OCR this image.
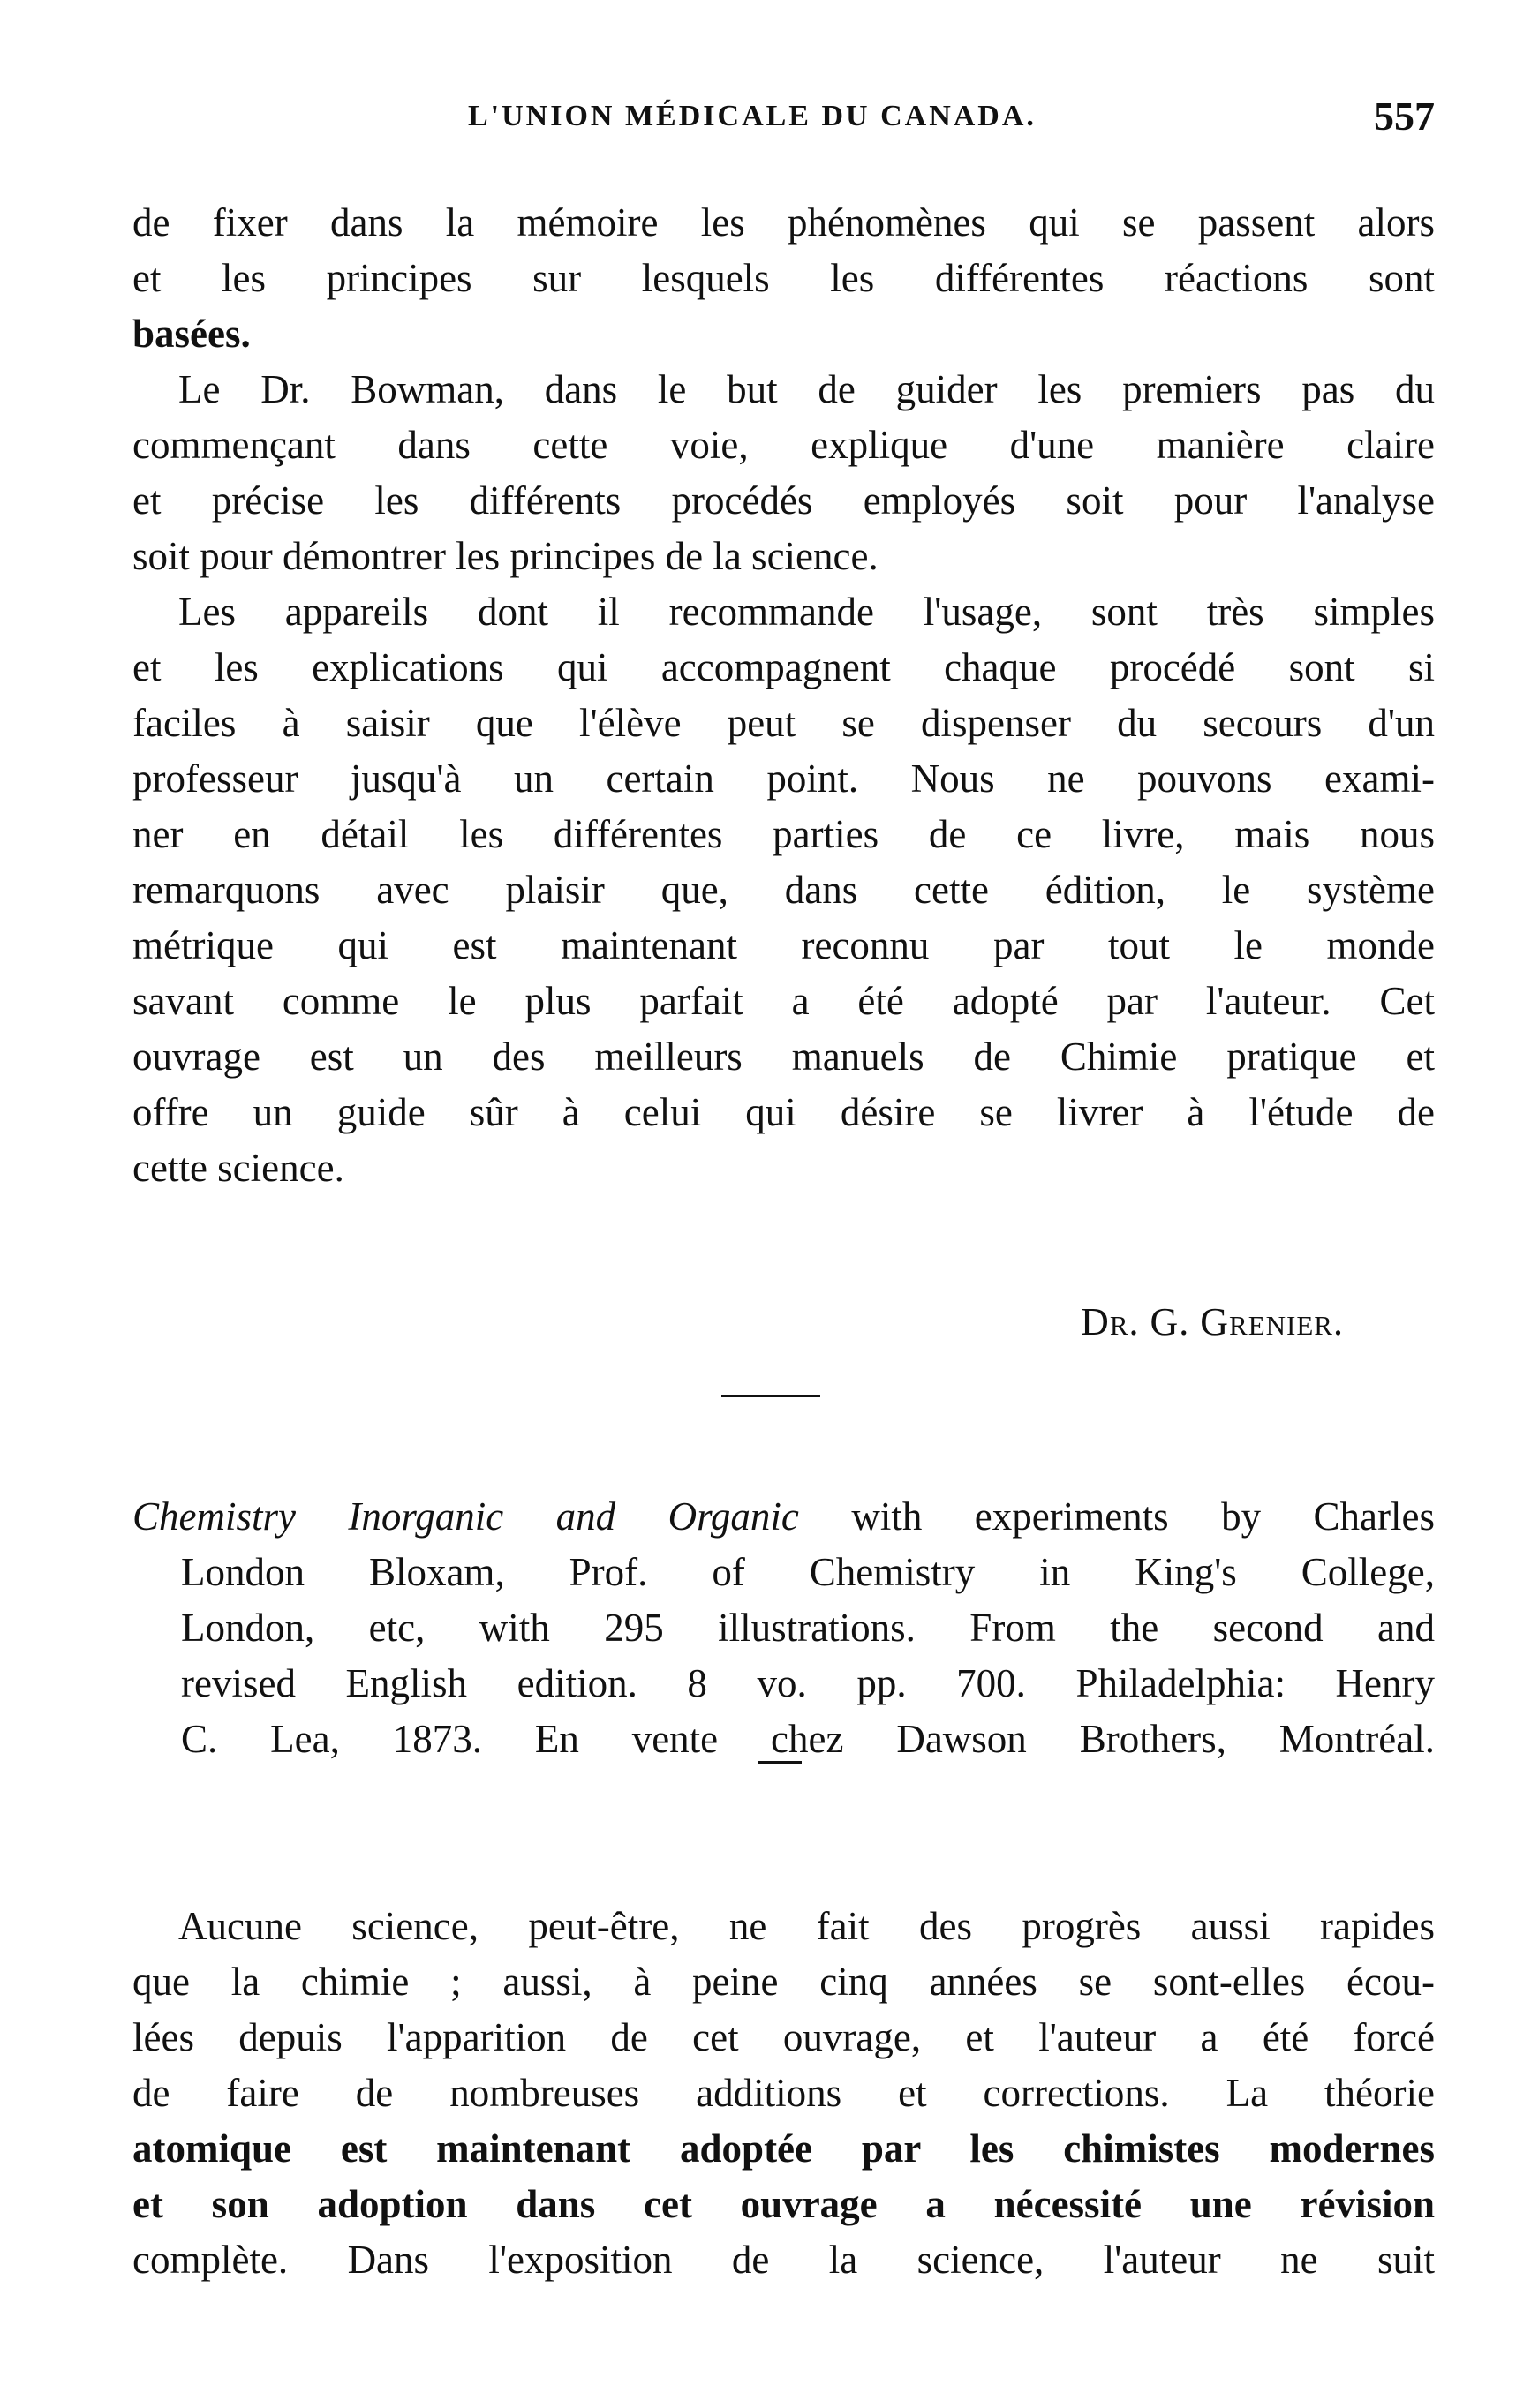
L'UNION MÉDICALE DU CANADA.	557
de fixer dans la mémoire les phénomènes qui se passent alors
et les principes sur lesquels les différentes réactions sont
basées.
Le Dr. Bowman, dans le but de guider les premiers pas du
commençant dans cette voie, explique d'une manière claire
et précise les différents procédés employés soit pour l'analyse
soit pour démontrer les principes de la science.
Les appareils dont il recommande l'usage, sont très simples
et les explications qui accompagnent chaque procédé sont si
faciles à saisir que l'élève peut se dispenser du secours d'un
professeur jusqu'à un certain point. Nous ne pouvons exami-
ner en détail les différentes parties de ce livre, mais nous
remarquons avec plaisir que, dans cette édition, le système
métrique qui est maintenant reconnu par tout le monde
savant comme le plus parfait a été adopté par l'auteur. Cet
ouvrage est un des meilleurs manuels de Chimie pratique et
offre un guide sûr à celui qui désire se livrer à l'étude de
cette science.
Dr. G. Grenier.
Chemistry Inorganic and Organic with experiments by Charles
London Bloxam, Prof. of Chemistry in King's College,
London, etc, with 295 illustrations. From the second and
revised English edition. 8 vo. pp. 700. Philadelphia: Henry
C. Lea, 1873. En vente chez Dawson Brothers, Montréal.
Aucune science, peut-être, ne fait des progrès aussi rapides
que la chimie ; aussi, à peine cinq années se sont-elles écou-
lées depuis l'apparition de cet ouvrage, et l'auteur a été forcé
de faire de nombreuses additions et corrections. La théorie
atomique est maintenant adoptée par les chimistes modernes
et son adoption dans cet ouvrage a nécessité une révision
complète. Dans l'exposition de la science, l'auteur ne suit
